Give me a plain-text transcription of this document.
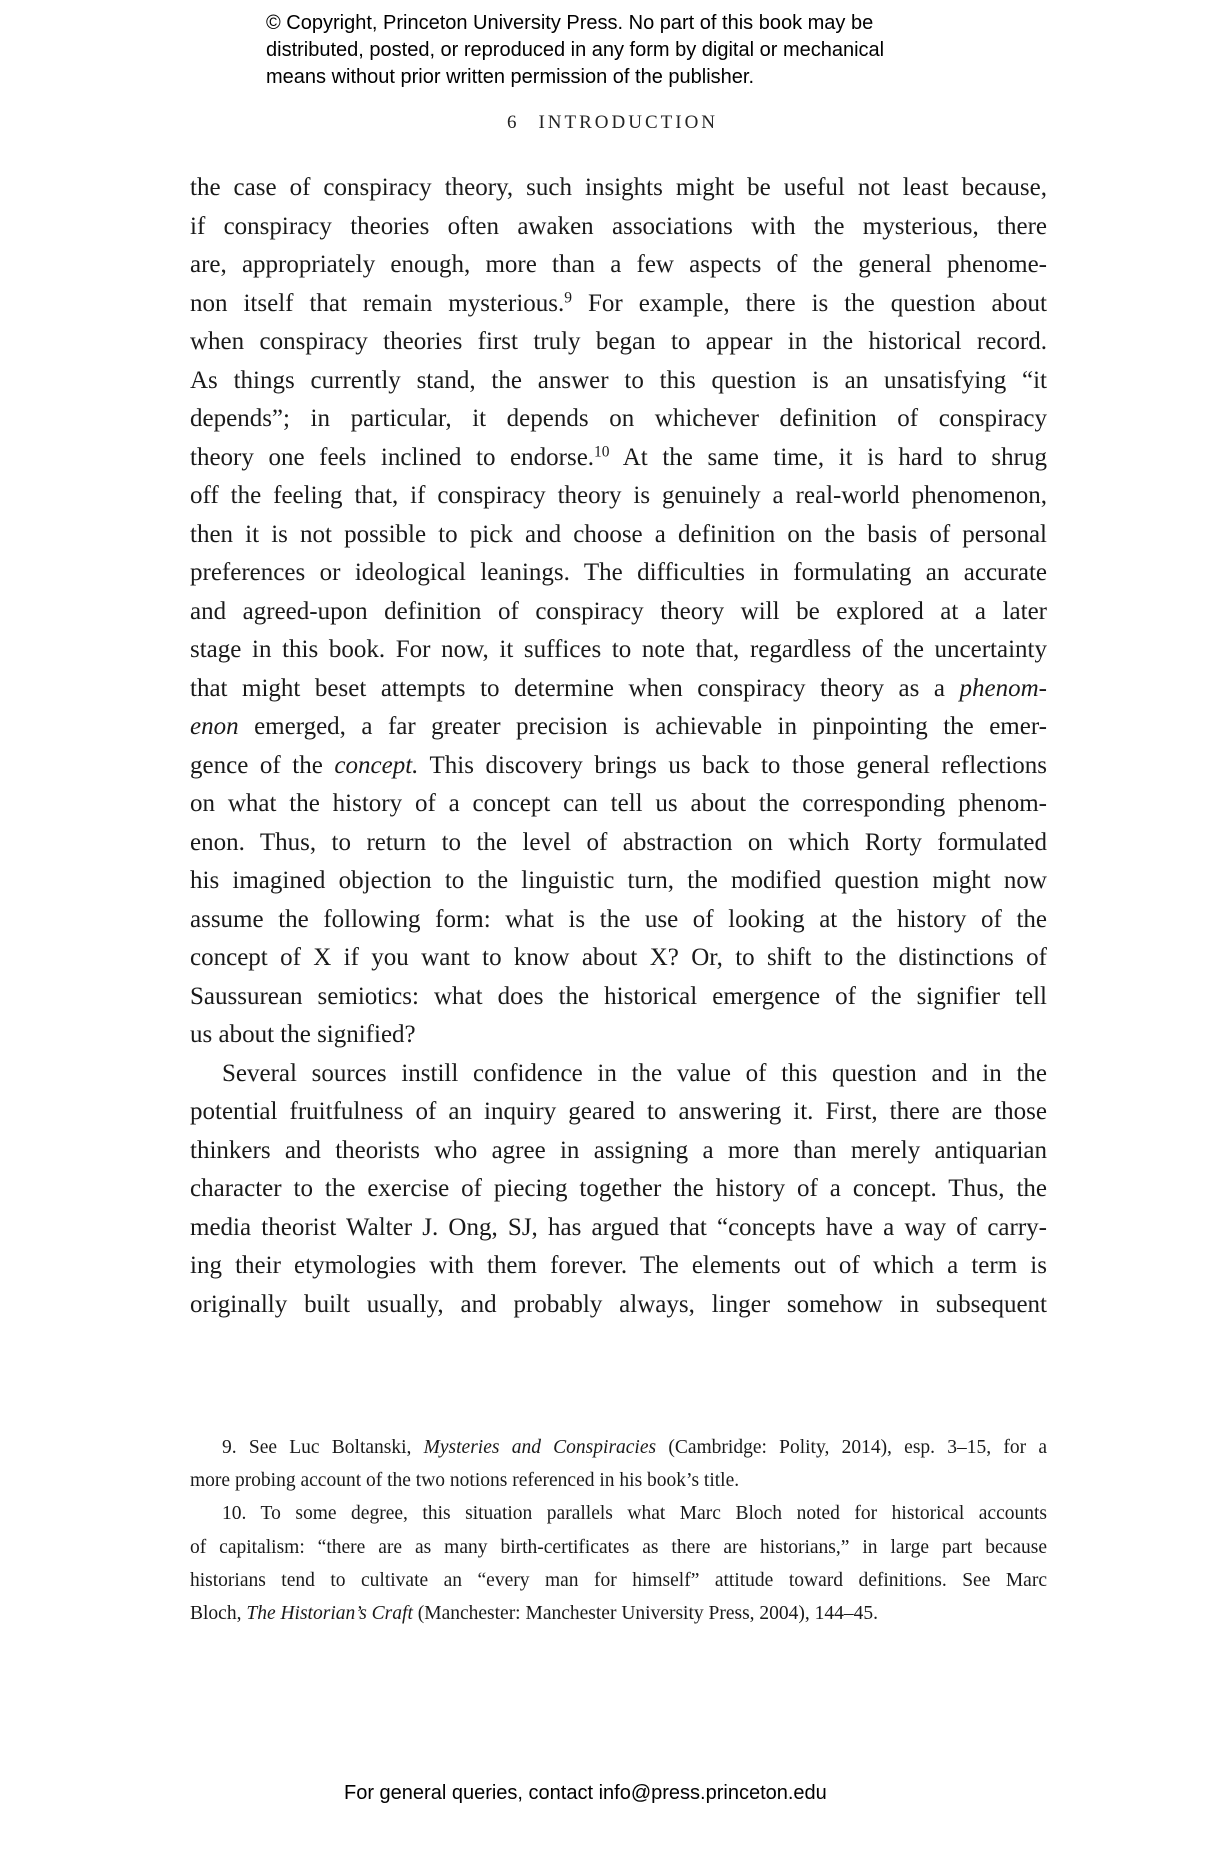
© Copyright, Princeton University Press. No part of this book may be
distributed, posted, or reproduced in any form by digital or mechanical
means without prior written permission of the publisher.
6 INTRODUCTION
the case of conspiracy theory, such insights might be useful not least because,
if conspiracy theories often awaken associations with the mysterious, there
are, appropriately enough, more than a few aspects of the general phenome-
non itself that remain mysterious.$^9$ For example, there is the question about
when conspiracy theories first truly began to appear in the historical record.
As things currently stand, the answer to this question is an unsatisfying “it
depends”; in particular, it depends on whichever definition of conspiracy
theory one feels inclined to endorse.$^{10}$ At the same time, it is hard to shrug
off the feeling that, if conspiracy theory is genuinely a real-world phenomenon,
then it is not possible to pick and choose a definition on the basis of personal
preferences or ideological leanings. The difficulties in formulating an accurate
and agreed-upon definition of conspiracy theory will be explored at a later
stage in this book. For now, it suffices to note that, regardless of the uncertainty
that might beset attempts to determine when conspiracy theory as a phenom-
enon emerged, a far greater precision is achievable in pinpointing the emer-
gence of the concept. This discovery brings us back to those general reflections
on what the history of a concept can tell us about the corresponding phenom-
enon. Thus, to return to the level of abstraction on which Rorty formulated
his imagined objection to the linguistic turn, the modified question might now
assume the following form: what is the use of looking at the history of the
concept of X if you want to know about X? Or, to shift to the distinctions of
Saussurean semiotics: what does the historical emergence of the signifier tell
us about the signified?
Several sources instill confidence in the value of this question and in the
potential fruitfulness of an inquiry geared to answering it. First, there are those
thinkers and theorists who agree in assigning a more than merely antiquarian
character to the exercise of piecing together the history of a concept. Thus, the
media theorist Walter J. Ong, SJ, has argued that “concepts have a way of carry-
ing their etymologies with them forever. The elements out of which a term is
originally built usually, and probably always, linger somehow in subsequent
9. See Luc Boltanski, Mysteries and Conspiracies (Cambridge: Polity, 2014), esp. 3–15, for a
more probing account of the two notions referenced in his book’s title.
10. To some degree, this situation parallels what Marc Bloch noted for historical accounts
of capitalism: “there are as many birth-certificates as there are historians,” in large part because
historians tend to cultivate an “every man for himself” attitude toward definitions. See Marc
Bloch, The Historian’s Craft (Manchester: Manchester University Press, 2004), 144–45.
For general queries, contact info@press.princeton.edu
